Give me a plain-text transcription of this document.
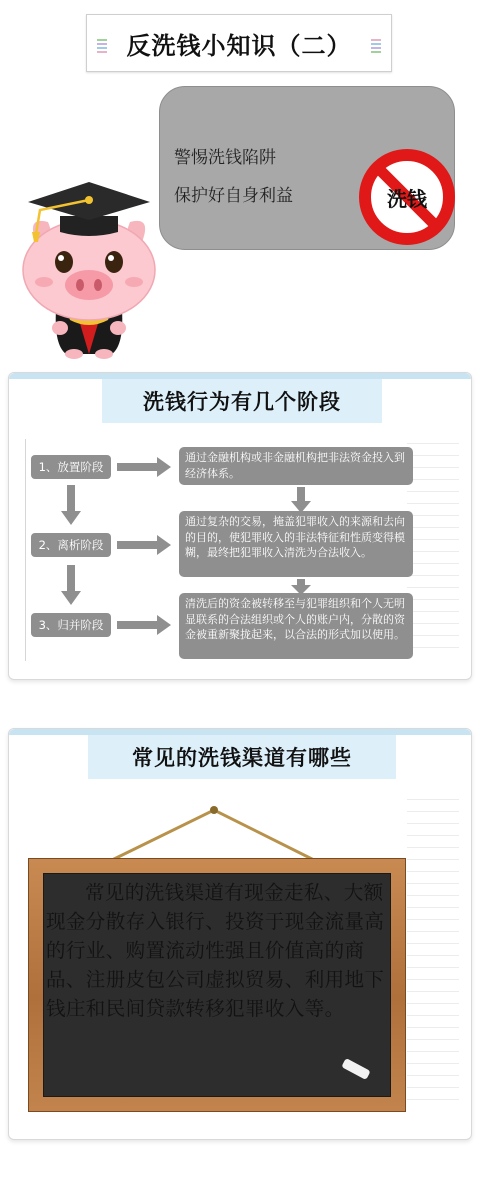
反洗钱小知识（二）
警惕洗钱陷阱
保护好自身利益	洗钱
洗钱行为有几个阶段
1、放置阶段
2、离析阶段
3、归并阶段
通过金融机构或非金融机构把非法资金投入到经济体系。
通过复杂的交易，掩盖犯罪收入的来源和去向的目的，使犯罪收入的非法特征和性质变得模糊，最终把犯罪收入清洗为合法收入。
清洗后的资金被转移至与犯罪组织和个人无明显联系的合法组织或个人的账户内，分散的资金被重新聚拢起来，以合法的形式加以使用。
常见的洗钱渠道有哪些
常见的洗钱渠道有现金走私、大额现金分散存入银行、投资于现金流量高的行业、购置流动性强且价值高的商品、注册皮包公司虚拟贸易、利用地下钱庄和民间贷款转移犯罪收入等。
